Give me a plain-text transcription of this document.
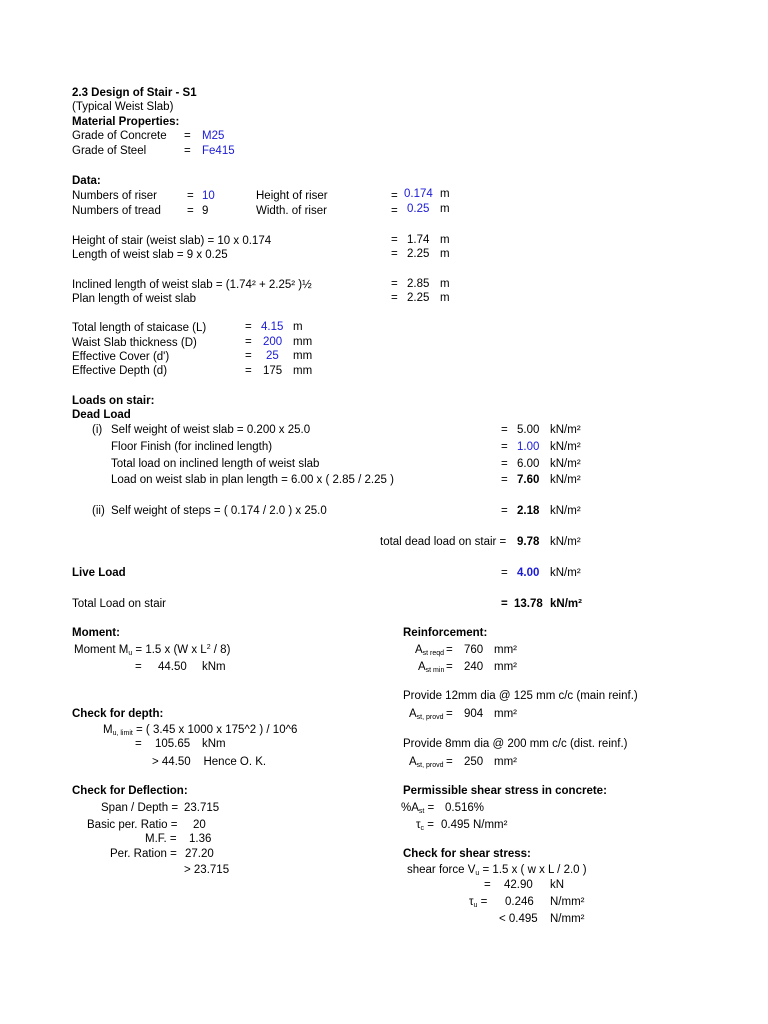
2.3 Design of Stair - S1
(Typical Weist Slab)
Material Properties:
Grade of Concrete = M25
Grade of Steel	= Fe415
Data:
Numbers of riser	= 10	Height of riser	= 0.174 m
Numbers of tread = 9	Width. of riser	= 0.25 m
Height of stair (weist slab) = 10 x 0.174	= 1.74 m
Length of weist slab = 9 x 0.25	= 2.25 m
Inclined length of weist slab = (1.74² + 2.25² )½	= 2.85 m
Plan length of weist slab	= 2.25 m
Total length of staicase (L)	= 4.15 m
Waist Slab thickness (D)	= 200 mm
Effective Cover (d')	= 25 mm
Effective Depth (d)	= 175 mm
Loads on stair:
Dead Load
(i) Self weight of weist slab = 0.200 x 25.0	= 5.00 kN/m²
Floor Finish (for inclined length)	= 1.00 kN/m²
Total load on inclined length of weist slab	= 6.00 kN/m²
Load on weist slab in plan length = 6.00 x ( 2.85 / 2.25 )	= 7.60 kN/m²
(ii) Self weight of steps = ( 0.174 / 2.0 ) x 25.0	= 2.18 kN/m²
total dead load on stair = 9.78 kN/m²
Live Load	= 4.00 kN/m²
Total Load on stair	= 13.78 kN/m²
Moment:
Moment $M_u = 1.5$ x (W x $L^2 / 8$)
= 44.50 kNm
Check for depth:
$M_{u, limit}$ = ( 3.45 x 1000 x 175^2 ) / 10^6
= 105.65 kNm
> 44.50    Hence O. K.
Check for Deflection:
Span / Depth = 23.715
Basic per. Ratio = 20
M.F. = 1.36
Per. Ration = 27.20
> 23.715
Reinforcement:
$A_{st reqd} = 760$ mm²
$A_{st min} = 240$ mm²
Provide 12mm dia @ 125 mm c/c (main reinf.)
$A_{st, provd} = 904$ mm²
Provide 8mm dia @ 200 mm c/c (dist. reinf.)
$A_{st, provd} = 250$ mm²
Permissible shear stress in concrete:
$\%A_{st} = 0.516\%$
$\tau_c = 0.495$ N/mm²
Check for shear stress:
shear force $V_u = 1.5$ x ( w x L / 2.0 )
= 42.90 kN
$\tau_u = 0.246$ N/mm²
< 0.495 N/mm²
